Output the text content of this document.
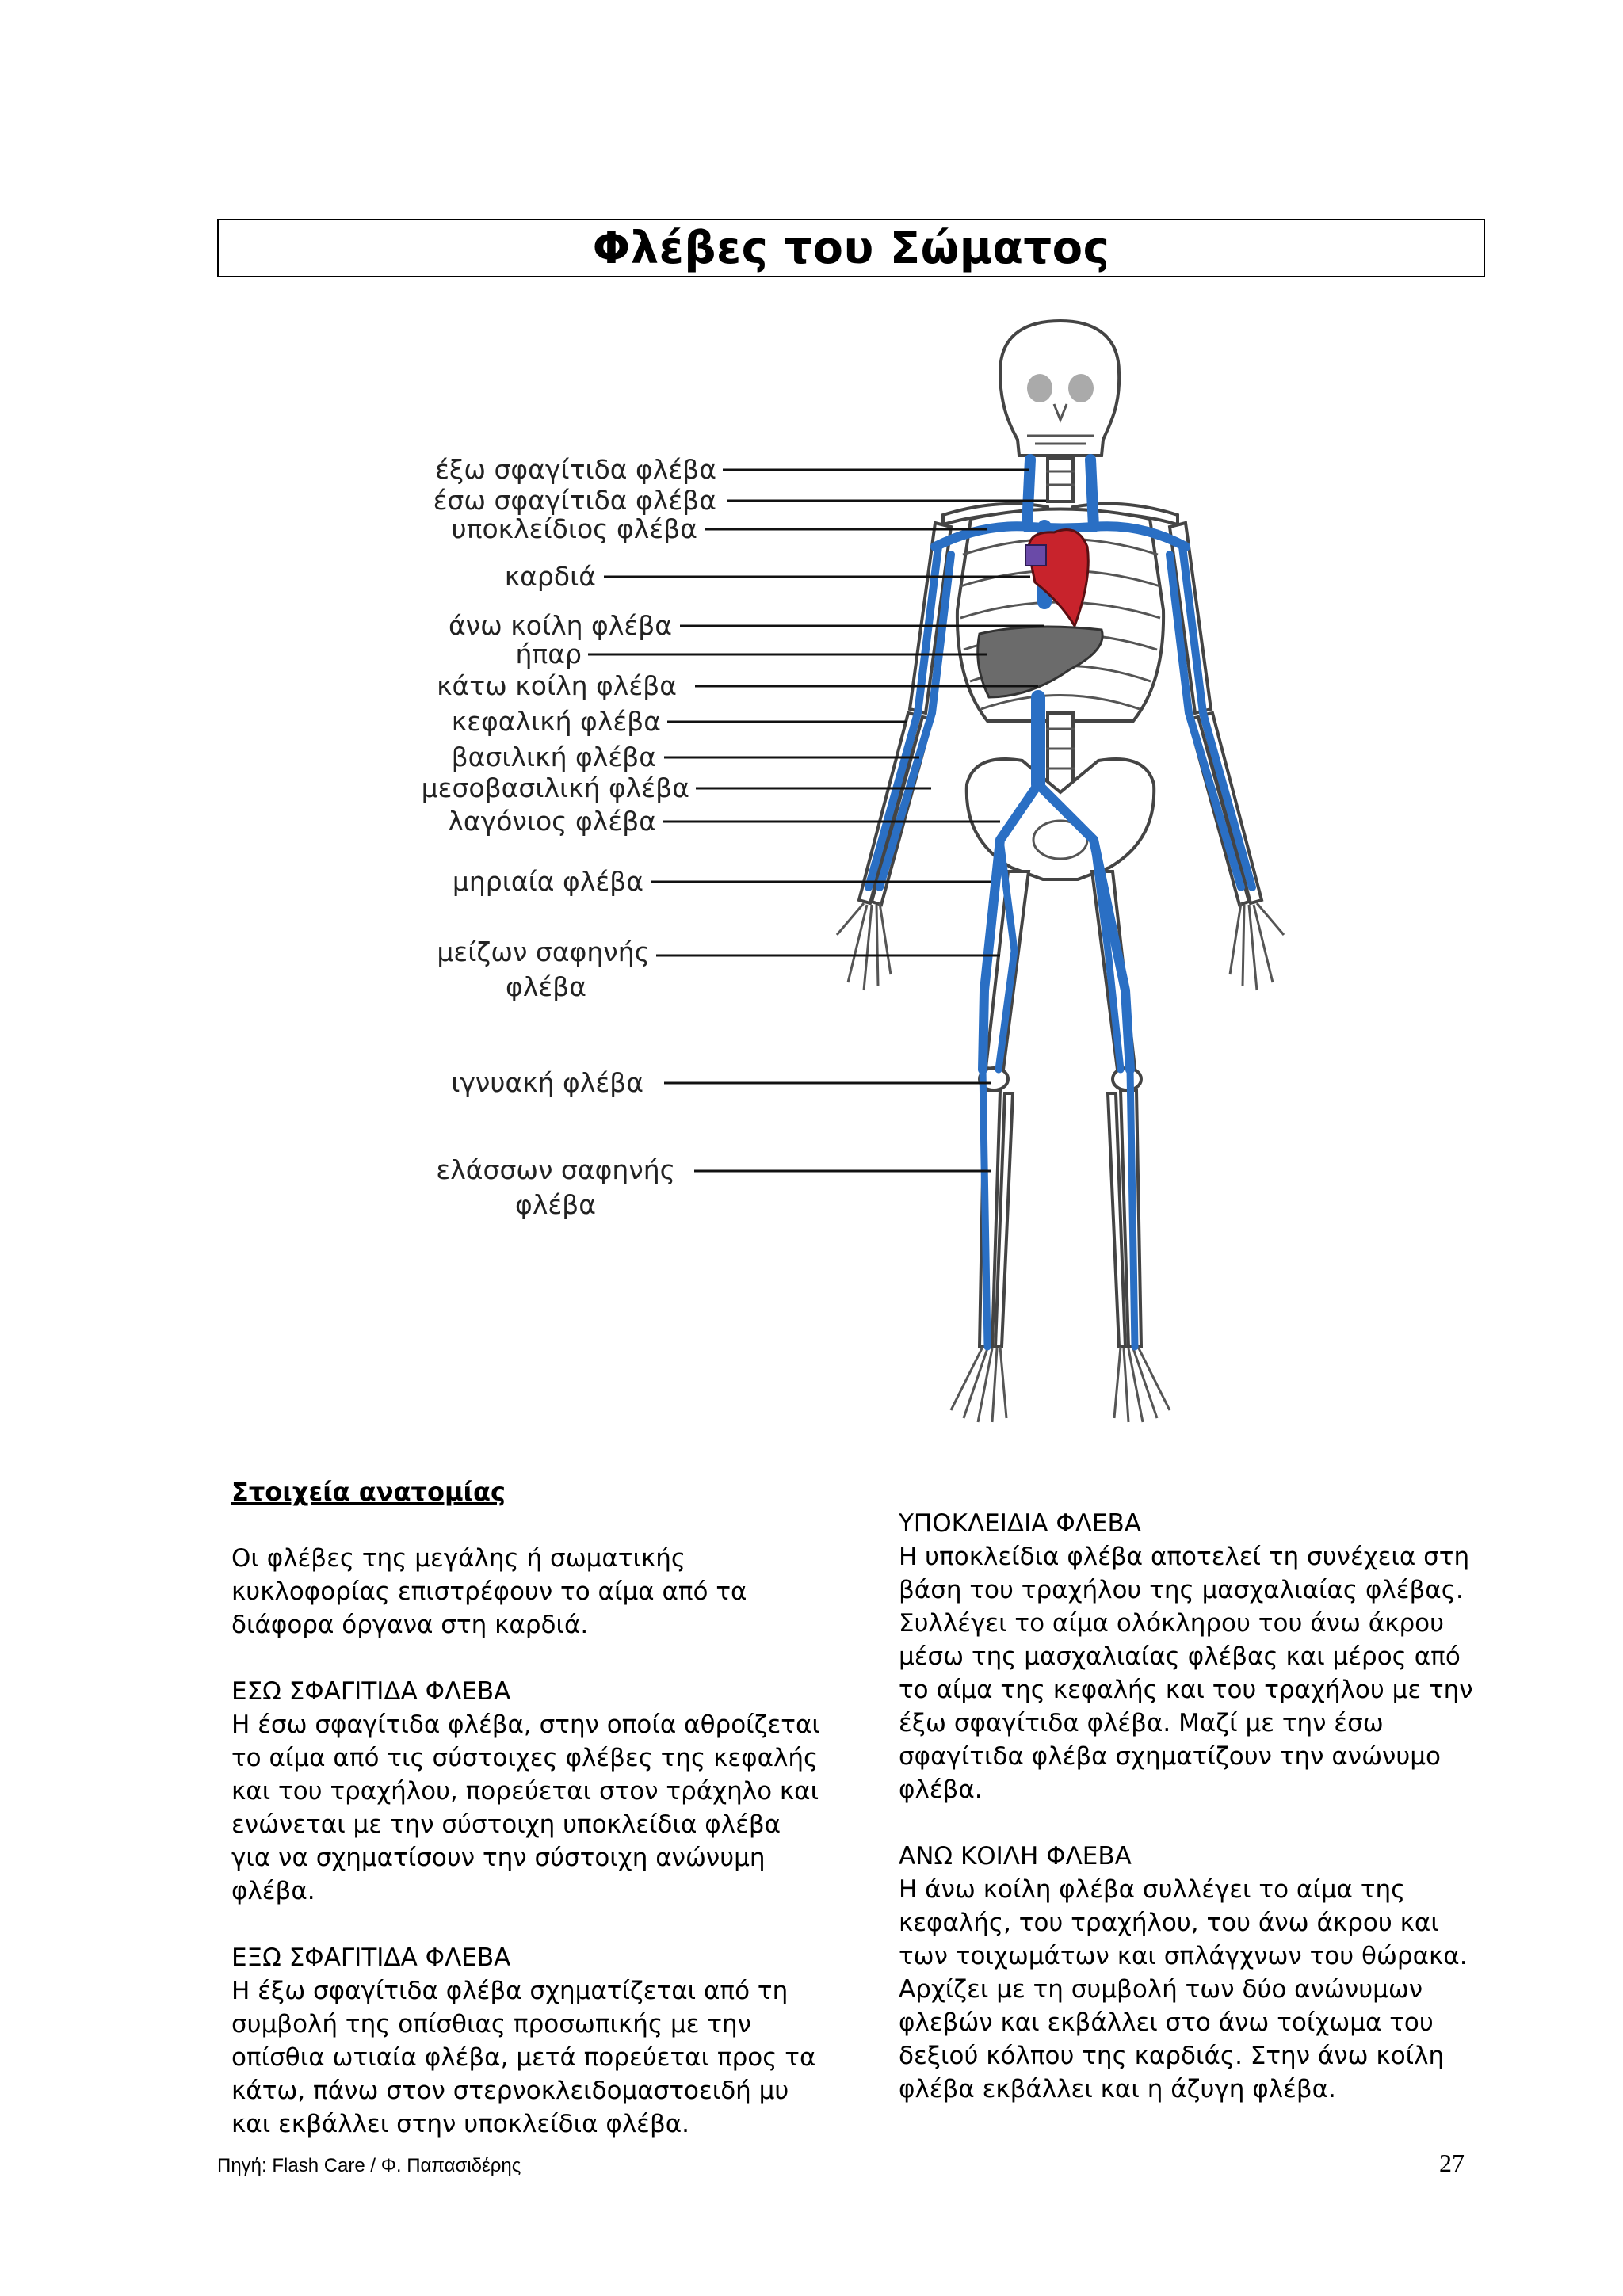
Φλέβες του Σώματος
έξω σφαγίτιδα φλέβα
έσω σφαγίτιδα φλέβα
υποκλείδιος φλέβα
καρδιά
άνω κοίλη φλέβα
ήπαρ
κάτω κοίλη φλέβα
κεφαλική φλέβα
βασιλική φλέβα
μεσοβασιλική φλέβα
λαγόνιος φλέβα
μηριαία φλέβα
μείζων σαφηνής
φλέβα
ιγνυακή φλέβα
ελάσσων σαφηνής
φλέβα

Στοιχεία ανατομίας

Οι φλέβες της μεγάλης ή σωματικής

κυκλοφορίας επιστρέφουν το αίμα από τα

διάφορα όργανα στη καρδιά.

ΕΣΩ ΣΦΑΓΙΤΙΔΑ ΦΛΕΒΑ

Η έσω σφαγίτιδα φλέβα, στην οποία αθροίζεται

το αίμα από τις σύστοιχες φλέβες της κεφαλής

και του τραχήλου, πορεύεται στον τράχηλο και

ενώνεται με την σύστοιχη υποκλείδια φλέβα

για να σχηματίσουν την σύστοιχη ανώνυμη

φλέβα.

ΕΞΩ ΣΦΑΓΙΤΙΔΑ ΦΛΕΒΑ

Η έξω σφαγίτιδα φλέβα σχηματίζεται από τη

συμβολή της οπίσθιας προσωπικής με την

οπίσθια ωτιαία φλέβα, μετά πορεύεται προς τα

κάτω, πάνω στον στερνοκλειδομαστοειδή μυ

και εκβάλλει στην υποκλείδια φλέβα.

ΥΠΟΚΛΕΙΔΙΑ ΦΛΕΒΑ

Η υποκλείδια φλέβα αποτελεί τη συνέχεια στη

βάση του τραχήλου της μασχαλιαίας φλέβας.

Συλλέγει το αίμα ολόκληρου του άνω άκρου

μέσω της μασχαλιαίας φλέβας και μέρος από

το αίμα της κεφαλής και του τραχήλου με την

έξω σφαγίτιδα φλέβα. Μαζί με την έσω

σφαγίτιδα φλέβα σχηματίζουν την ανώνυμο

φλέβα.

ΑΝΩ ΚΟΙΛΗ ΦΛΕΒΑ

Η άνω κοίλη φλέβα συλλέγει το αίμα της

κεφαλής, του τραχήλου, του άνω άκρου και

των τοιχωμάτων και σπλάγχνων του θώρακα.

Αρχίζει με τη συμβολή των δύο ανώνυμων

φλεβών και εκβάλλει στο άνω τοίχωμα του

δεξιού κόλπου της καρδιάς. Στην άνω κοίλη

φλέβα εκβάλλει και η άζυγη φλέβα.

Πηγή: Flash Care / Φ. Παπασιδέρης	27
